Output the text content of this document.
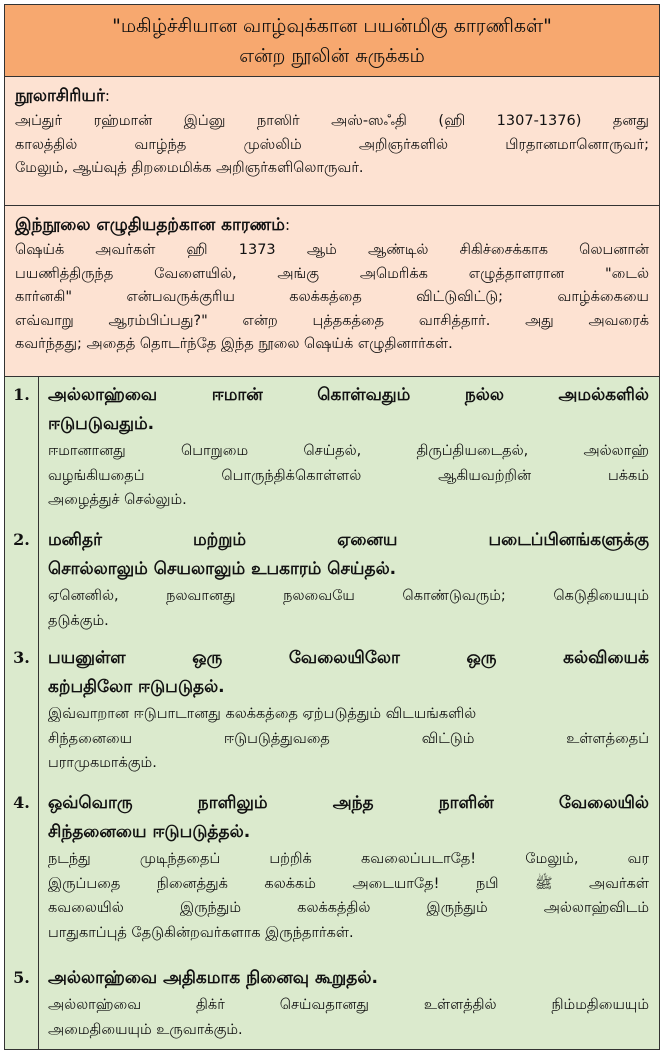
"மகிழ்ச்சியான வாழ்வுக்கான பயன்மிகு காரணிகள்"
என்ற நூலின் சுருக்கம்
நூலாசிரியர்:
அப்துர் ரஹ்மான் இப்னு நாஸிர் அஸ்-ஸஃதி (ஹி 1307-1376) தனது
காலத்தில் வாழ்ந்த முஸ்லிம் அறிஞர்களில் பிரதானமானொருவர்;
மேலும், ஆய்வுத் திறமைமிக்க அறிஞர்களிலொருவர்.
இந்நூலை எழுதியதற்கான காரணம்:
ஷெய்க் அவர்கள் ஹி 1373 ஆம் ஆண்டில் சிகிச்சைக்காக லெபனான்
பயணித்திருந்த வேளையில், அங்கு அமெரிக்க எழுத்தாளரான "டைல்
கார்னகி" என்பவருக்குரிய கலக்கத்தை விட்டுவிட்டு; வாழ்க்கையை
எவ்வாறு ஆரம்பிப்பது?" என்ற புத்தகத்தை வாசித்தார். அது அவரைக்
கவர்ந்தது; அதைத் தொடர்ந்தே இந்த நூலை ஷெய்க் எழுதினார்கள்.
1.	அல்லாஹ்வை ஈமான் கொள்வதும் நல்ல அமல்களில்
ஈடுபடுவதும்.
ஈமானானது பொறுமை செய்தல், திருப்தியடைதல், அல்லாஹ்
வழங்கியதைப் பொருந்திக்கொள்ளல் ஆகியவற்றின் பக்கம்
அழைத்துச் செல்லும்.
2.	மனிதர் மற்றும் ஏனைய படைப்பினங்களுக்கு
சொல்லாலும் செயலாலும் உபகாரம் செய்தல்.
ஏனெனில், நலவானது நலவையே கொண்டுவரும்; கெடுதியையும்
தடுக்கும்.
3.	பயனுள்ள ஒரு வேலையிலோ ஒரு கல்வியைக்
கற்பதிலோ ஈடுபடுதல்.
இவ்வாறான ஈடுபாடானது கலக்கத்தை ஏற்படுத்தும் விடயங்களில்
சிந்தனையை ஈடுபடுத்துவதை விட்டும் உள்ளத்தைப்
பராமுகமாக்கும்.
4.	ஒவ்வொரு நாளிலும் அந்த நாளின் வேலையில்
சிந்தனையை ஈடுபடுத்தல்.
நடந்து முடிந்ததைப் பற்றிக் கவலைப்படாதே! மேலும், வர
இருப்பதை நினைத்துக் கலக்கம் அடையாதே! நபி ﷺ அவர்கள்
கவலையில் இருந்தும் கலக்கத்தில் இருந்தும் அல்லாஹ்விடம்
பாதுகாப்புத் தேடுகின்றவர்களாக இருந்தார்கள்.
5.	அல்லாஹ்வை அதிகமாக நினைவு கூறுதல்.
அல்லாஹ்வை திக்ர் செய்வதானது உள்ளத்தில் நிம்மதியையும்
அமைதியையும் உருவாக்கும்.
